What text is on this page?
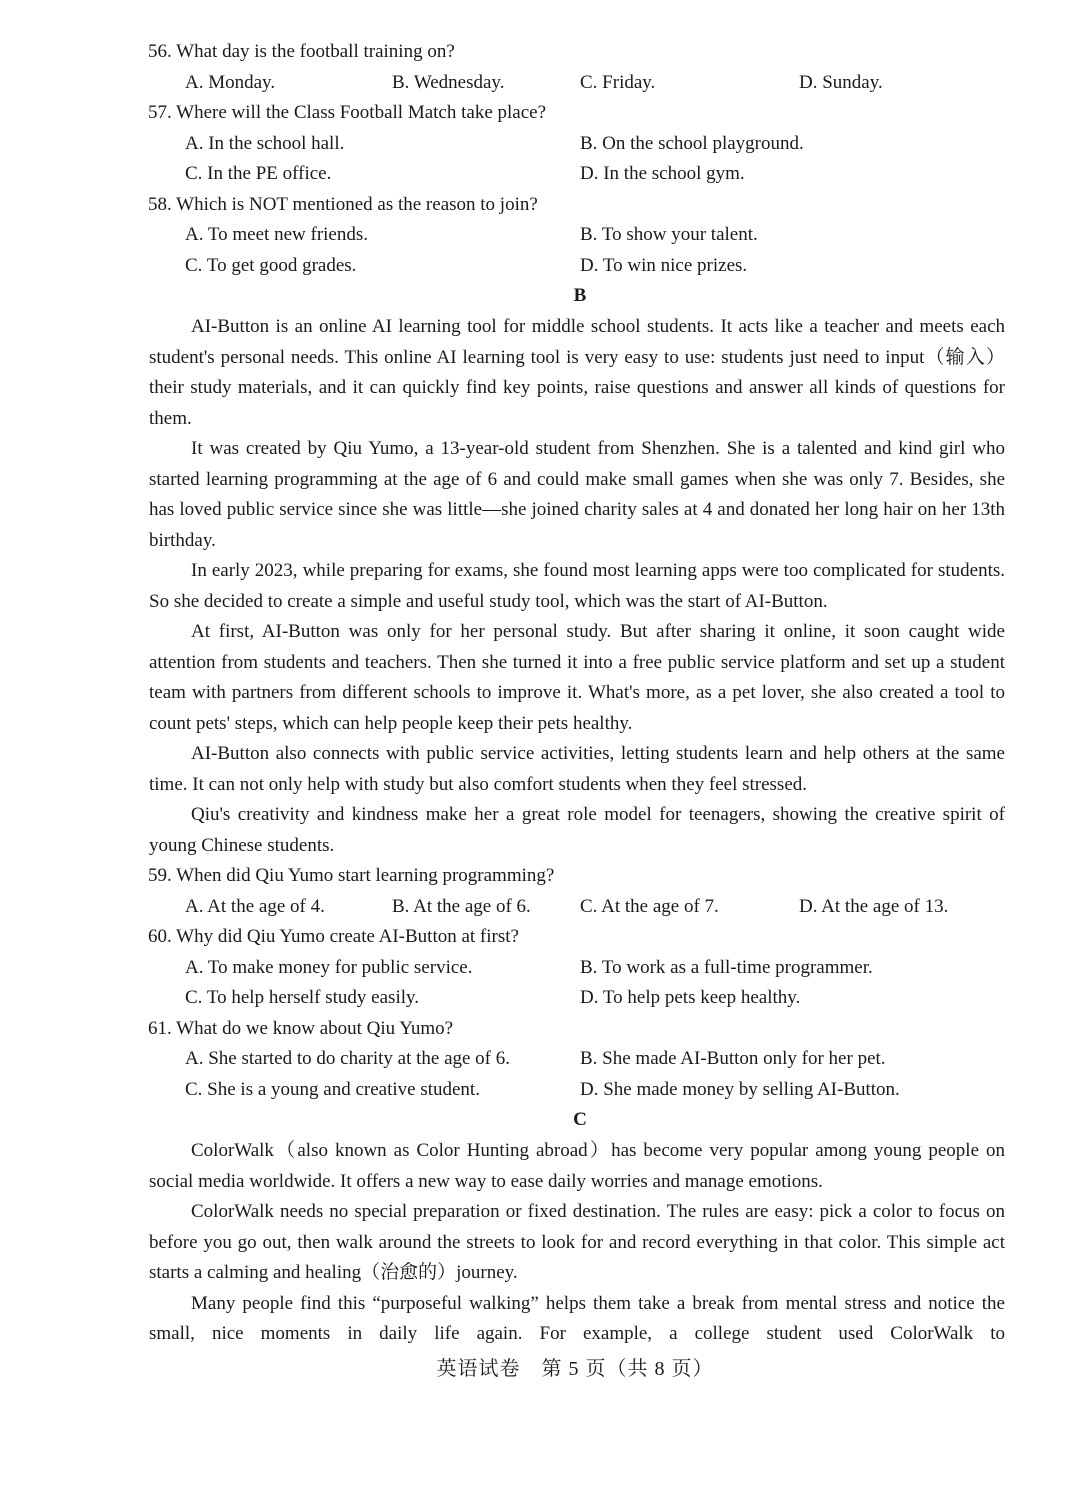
56. What day is the football training on?
A. Monday.	B. Wednesday.	C. Friday.	D. Sunday.
57. Where will the Class Football Match take place?
A. In the school hall.	B. On the school playground.
C. In the PE office.	D. In the school gym.
58. Which is NOT mentioned as the reason to join?
A. To meet new friends.	B. To show your talent.
C. To get good grades.	D. To win nice prizes.
B
AI-Button is an online AI learning tool for middle school students. It acts like a teacher and meets each student's personal needs. This online AI learning tool is very easy to use: students just need to input（输入）their study materials, and it can quickly find key points, raise questions and answer all kinds of questions for them.
It was created by Qiu Yumo, a 13-year-old student from Shenzhen. She is a talented and kind girl who started learning programming at the age of 6 and could make small games when she was only 7. Besides, she has loved public service since she was little—she joined charity sales at 4 and donated her long hair on her 13th birthday.
In early 2023, while preparing for exams, she found most learning apps were too complicated for students. So she decided to create a simple and useful study tool, which was the start of AI-Button.
At first, AI-Button was only for her personal study. But after sharing it online, it soon caught wide attention from students and teachers. Then she turned it into a free public service platform and set up a student team with partners from different schools to improve it. What's more, as a pet lover, she also created a tool to count pets' steps, which can help people keep their pets healthy.
AI-Button also connects with public service activities, letting students learn and help others at the same time. It can not only help with study but also comfort students when they feel stressed.
Qiu's creativity and kindness make her a great role model for teenagers, showing the creative spirit of young Chinese students.
59. When did Qiu Yumo start learning programming?
A. At the age of 4.	B. At the age of 6.	C. At the age of 7.	D. At the age of 13.
60. Why did Qiu Yumo create AI-Button at first?
A. To make money for public service.	B. To work as a full-time programmer.
C. To help herself study easily.	D. To help pets keep healthy.
61. What do we know about Qiu Yumo?
A. She started to do charity at the age of 6.	B. She made AI-Button only for her pet.
C. She is a young and creative student.	D. She made money by selling AI-Button.
C
ColorWalk（also known as Color Hunting abroad）has become very popular among young people on social media worldwide. It offers a new way to ease daily worries and manage emotions.
ColorWalk needs no special preparation or fixed destination. The rules are easy: pick a color to focus on before you go out, then walk around the streets to look for and record everything in that color. This simple act starts a calming and healing（治愈的）journey.
Many people find this “purposeful walking” helps them take a break from mental stress and notice the small, nice moments in daily life again. For example, a college student used ColorWalk to
英语试卷　第 5 页（共 8 页）
